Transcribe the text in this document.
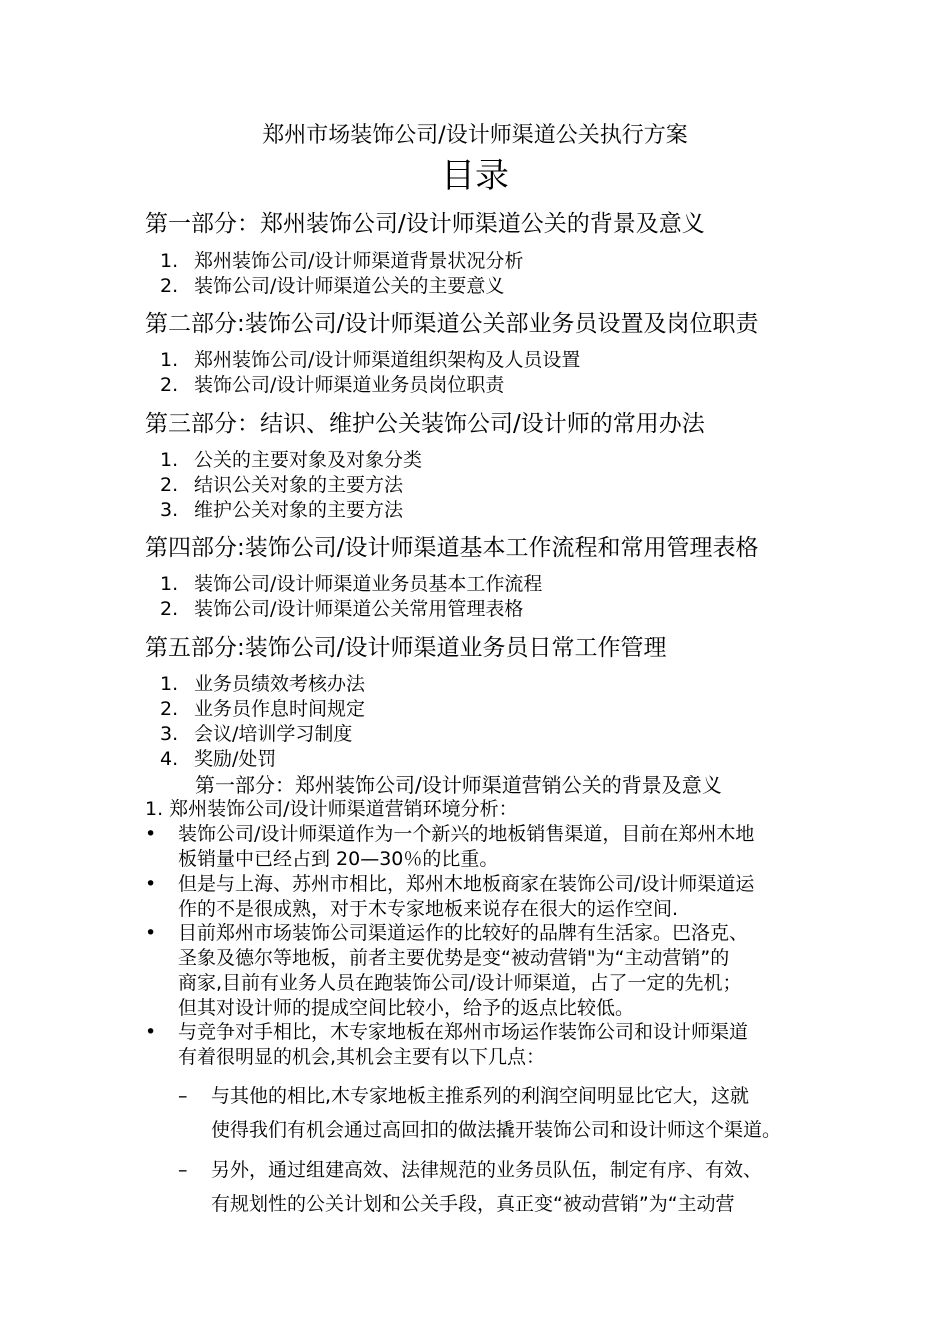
郑州市场装饰公司/设计师渠道公关执行方案
目录
第一部分：郑州装饰公司/设计师渠道公关的背景及意义
1. 郑州装饰公司/设计师渠道背景状况分析
2. 装饰公司/设计师渠道公关的主要意义
第二部分:装饰公司/设计师渠道公关部业务员设置及岗位职责
1. 郑州装饰公司/设计师渠道组织架构及人员设置
2. 装饰公司/设计师渠道业务员岗位职责
第三部分：结识、维护公关装饰公司/设计师的常用办法
1. 公关的主要对象及对象分类
2. 结识公关对象的主要方法
3. 维护公关对象的主要方法
第四部分:装饰公司/设计师渠道基本工作流程和常用管理表格
1. 装饰公司/设计师渠道业务员基本工作流程
2. 装饰公司/设计师渠道公关常用管理表格
第五部分:装饰公司/设计师渠道业务员日常工作管理
1. 业务员绩效考核办法
2. 业务员作息时间规定
3. 会议/培训学习制度
4. 奖励/处罚
第一部分：郑州装饰公司/设计师渠道营销公关的背景及意义
1. 郑州装饰公司/设计师渠道营销环境分析：
•	装饰公司/设计师渠道作为一个新兴的地板销售渠道，目前在郑州木地
板销量中已经占到 20—30％的比重。
•	但是与上海、苏州市相比，郑州木地板商家在装饰公司/设计师渠道运
作的不是很成熟，对于木专家地板来说存在很大的运作空间.
•	目前郑州市场装饰公司渠道运作的比较好的品牌有生活家。巴洛克、
圣象及德尔等地板，前者主要优势是变“被动营销"为“主动营销”的
商家,目前有业务人员在跑装饰公司/设计师渠道，占了一定的先机；
但其对设计师的提成空间比较小，给予的返点比较低。
•	与竞争对手相比，木专家地板在郑州市场运作装饰公司和设计师渠道
有着很明显的机会,其机会主要有以下几点：
–	与其他的相比,木专家地板主推系列的利润空间明显比它大，这就
使得我们有机会通过高回扣的做法撬开装饰公司和设计师这个渠道。
–	另外，通过组建高效、法律规范的业务员队伍，制定有序、有效、
有规划性的公关计划和公关手段，真正变“被动营销”为“主动营
